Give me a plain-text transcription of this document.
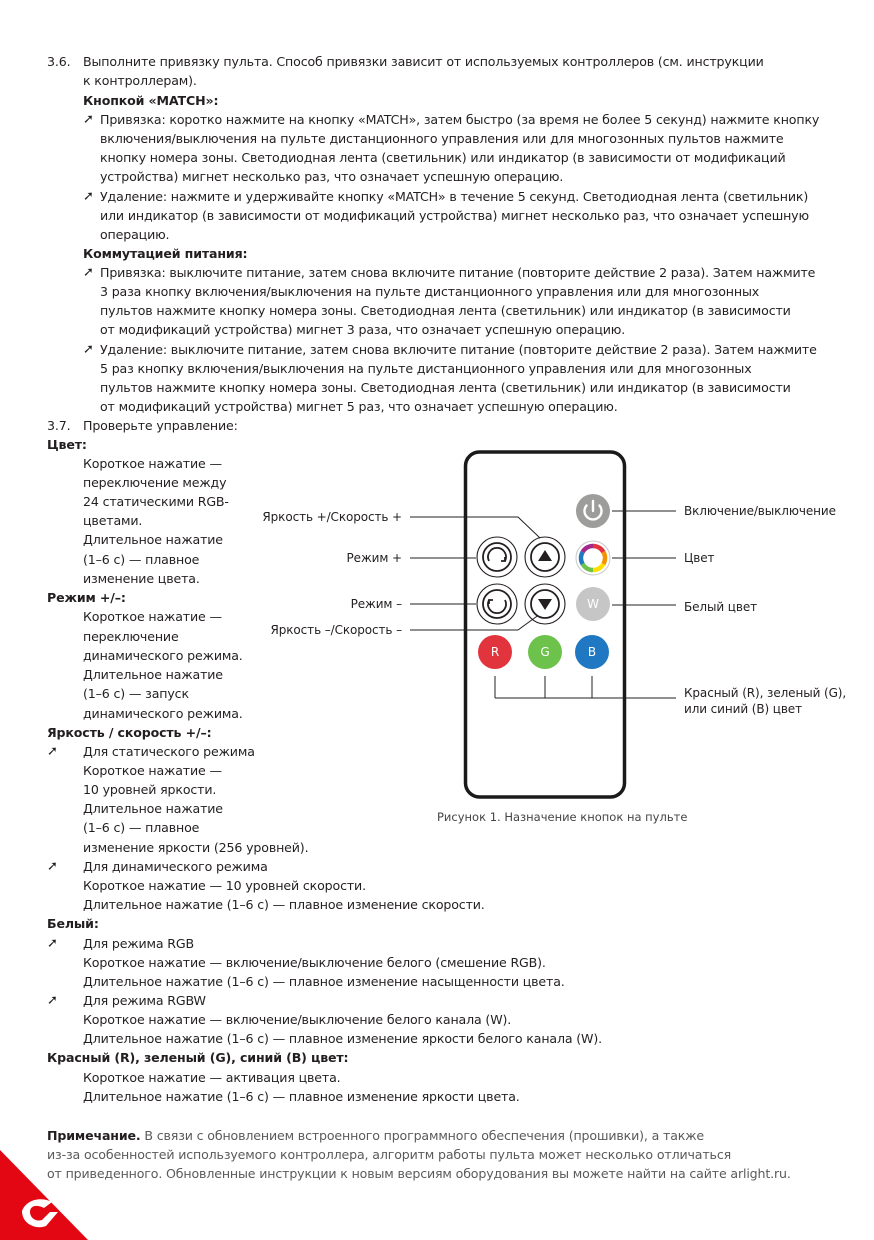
3.6. Выполните привязку пульта. Способ привязки зависит от используемых контроллеров (см. инструкции
к контроллерам).
Кнопкой «MATCH»:
➚ Привязка: коротко нажмите на кнопку «MATCH», затем быстро (за время не более 5 секунд) нажмите кнопку
включения/выключения на пульте дистанционного управления или для многозонных пультов нажмите
кнопку номера зоны. Светодиодная лента (светильник) или индикатор (в зависимости от модификаций
устройства) мигнет несколько раз, что означает успешную операцию.
➚ Удаление: нажмите и удерживайте кнопку «MATCH» в течение 5 секунд. Светодиодная лента (светильник)
или индикатор (в зависимости от модификаций устройства) мигнет несколько раз, что означает успешную
операцию.
Коммутацией питания:
➚ Привязка: выключите питание, затем снова включите питание (повторите действие 2 раза). Затем нажмите
3 раза кнопку включения/выключения на пульте дистанционного управления или для многозонных
пультов нажмите кнопку номера зоны. Светодиодная лента (светильник) или индикатор (в зависимости
от модификаций устройства) мигнет 3 раза, что означает успешную операцию.
➚ Удаление: выключите питание, затем снова включите питание (повторите действие 2 раза). Затем нажмите
5 раз кнопку включения/выключения на пульте дистанционного управления или для многозонных
пультов нажмите кнопку номера зоны. Светодиодная лента (светильник) или индикатор (в зависимости
от модификаций устройства) мигнет 5 раз, что означает успешную операцию.
3.7. Проверьте управление:
Цвет:
Короткое нажатие —
переключение между
24 статическими RGB-
цветами.
Длительное нажатие
(1–6 с) — плавное
изменение цвета.
Режим +/–:
Короткое нажатие —
переключение
динамического режима.
Длительное нажатие
(1–6 с) — запуск
динамического режима.
Яркость / скорость +/–:
➚ Для статического режима
Короткое нажатие —
10 уровней яркости.
Длительное нажатие
(1–6 с) — плавное
изменение яркости (256 уровней).
➚ Для динамического режима
Короткое нажатие — 10 уровней скорости.
Длительное нажатие (1–6 с) — плавное изменение скорости.
Белый:
➚ Для режима RGB
Короткое нажатие — включение/выключение белого (смешение RGB).
Длительное нажатие (1–6 с) — плавное изменение насыщенности цвета.
➚ Для режима RGBW
Короткое нажатие — включение/выключение белого канала (W).
Длительное нажатие (1–6 с) — плавное изменение яркости белого канала (W).
Красный (R), зеленый (G), синий (B) цвет:
Короткое нажатие — активация цвета.
Длительное нажатие (1–6 с) — плавное изменение яркости цвета.
Примечание. В связи с обновлением встроенного программного обеспечения (прошивки), а также
из-за особенностей используемого контроллера, алгоритм работы пульта может несколько отличаться
от приведенного. Обновленные инструкции к новым версиям оборудования вы можете найти на сайте arlight.ru.
W
R	G	B
Включение/выключение
Цвет
Белый цвет
Красный (R), зеленый (G),
или синий (B) цвет
Яркость +/Скорость +
Режим +
Режим –
Яркость –/Скорость –
Рисунок 1. Назначение кнопок на пульте
